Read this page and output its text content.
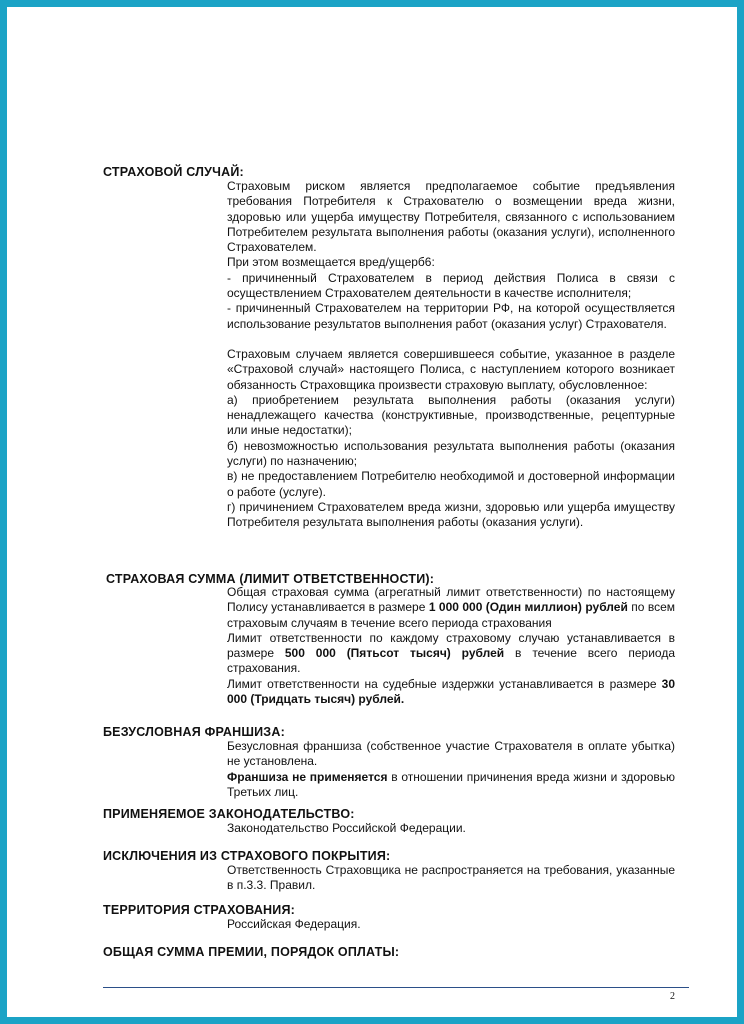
СТРАХОВОЙ СЛУЧАЙ:

Страховым риском является предполагаемое событие предъявления требования Потребителя к Страхователю о возмещении вреда жизни, здоровью или ущерба имуществу Потребителя, связанного с использованием Потребителем результата выполнения работы (оказания услуги), исполненного Страхователем.

При этом возмещается вред/ущерб6:

- причиненный Страхователем в период действия Полиса в связи с осуществлением Страхователем деятельности в качестве исполнителя;

- причиненный Страхователем на территории РФ, на которой осуществляется использование результатов выполнения работ (оказания услуг) Страхователя.

Страховым случаем является совершившееся событие, указанное в разделе «Страховой случай» настоящего Полиса, с наступлением которого возникает обязанность Страховщика произвести страховую выплату, обусловленное:

а) приобретением результата выполнения работы (оказания услуги) ненадлежащего качества (конструктивные, производственные, рецептурные или иные недостатки);

б) невозможностью использования результата выполнения работы (оказания услуги) по назначению;

в) не предоставлением Потребителю необходимой и достоверной информации о работе (услуге).

г) причинением Страхователем вреда жизни, здоровью или ущерба имуществу Потребителя результата выполнения работы (оказания услуги).

СТРАХОВАЯ СУММА (ЛИМИТ ОТВЕТСТВЕННОСТИ):

Общая страховая сумма (агрегатный лимит ответственности) по настоящему Полису устанавливается в размере 1 000 000 (Один миллион) рублей по всем страховым случаям в течение всего периода страхования

Лимит ответственности по каждому страховому случаю устанавливается в размере 500 000 (Пятьсот тысяч) рублей в течение всего периода страхования.

Лимит ответственности на судебные издержки устанавливается в размере 30 000 (Тридцать тысяч) рублей.

БЕЗУСЛОВНАЯ ФРАНШИЗА:

Безусловная франшиза (собственное участие Страхователя в оплате убытка) не установлена.

Франшиза не применяется в отношении причинения вреда жизни и здоровью Третьих лиц.

ПРИМЕНЯЕМОЕ ЗАКОНОДАТЕЛЬСТВО:

Законодательство Российской Федерации.

ИСКЛЮЧЕНИЯ ИЗ СТРАХОВОГО ПОКРЫТИЯ:

Ответственность Страховщика не распространяется на требования, указанные в п.3.3. Правил.

ТЕРРИТОРИЯ СТРАХОВАНИЯ:

Российская Федерация.

ОБЩАЯ СУММА ПРЕМИИ, ПОРЯДОК ОПЛАТЫ:
2
